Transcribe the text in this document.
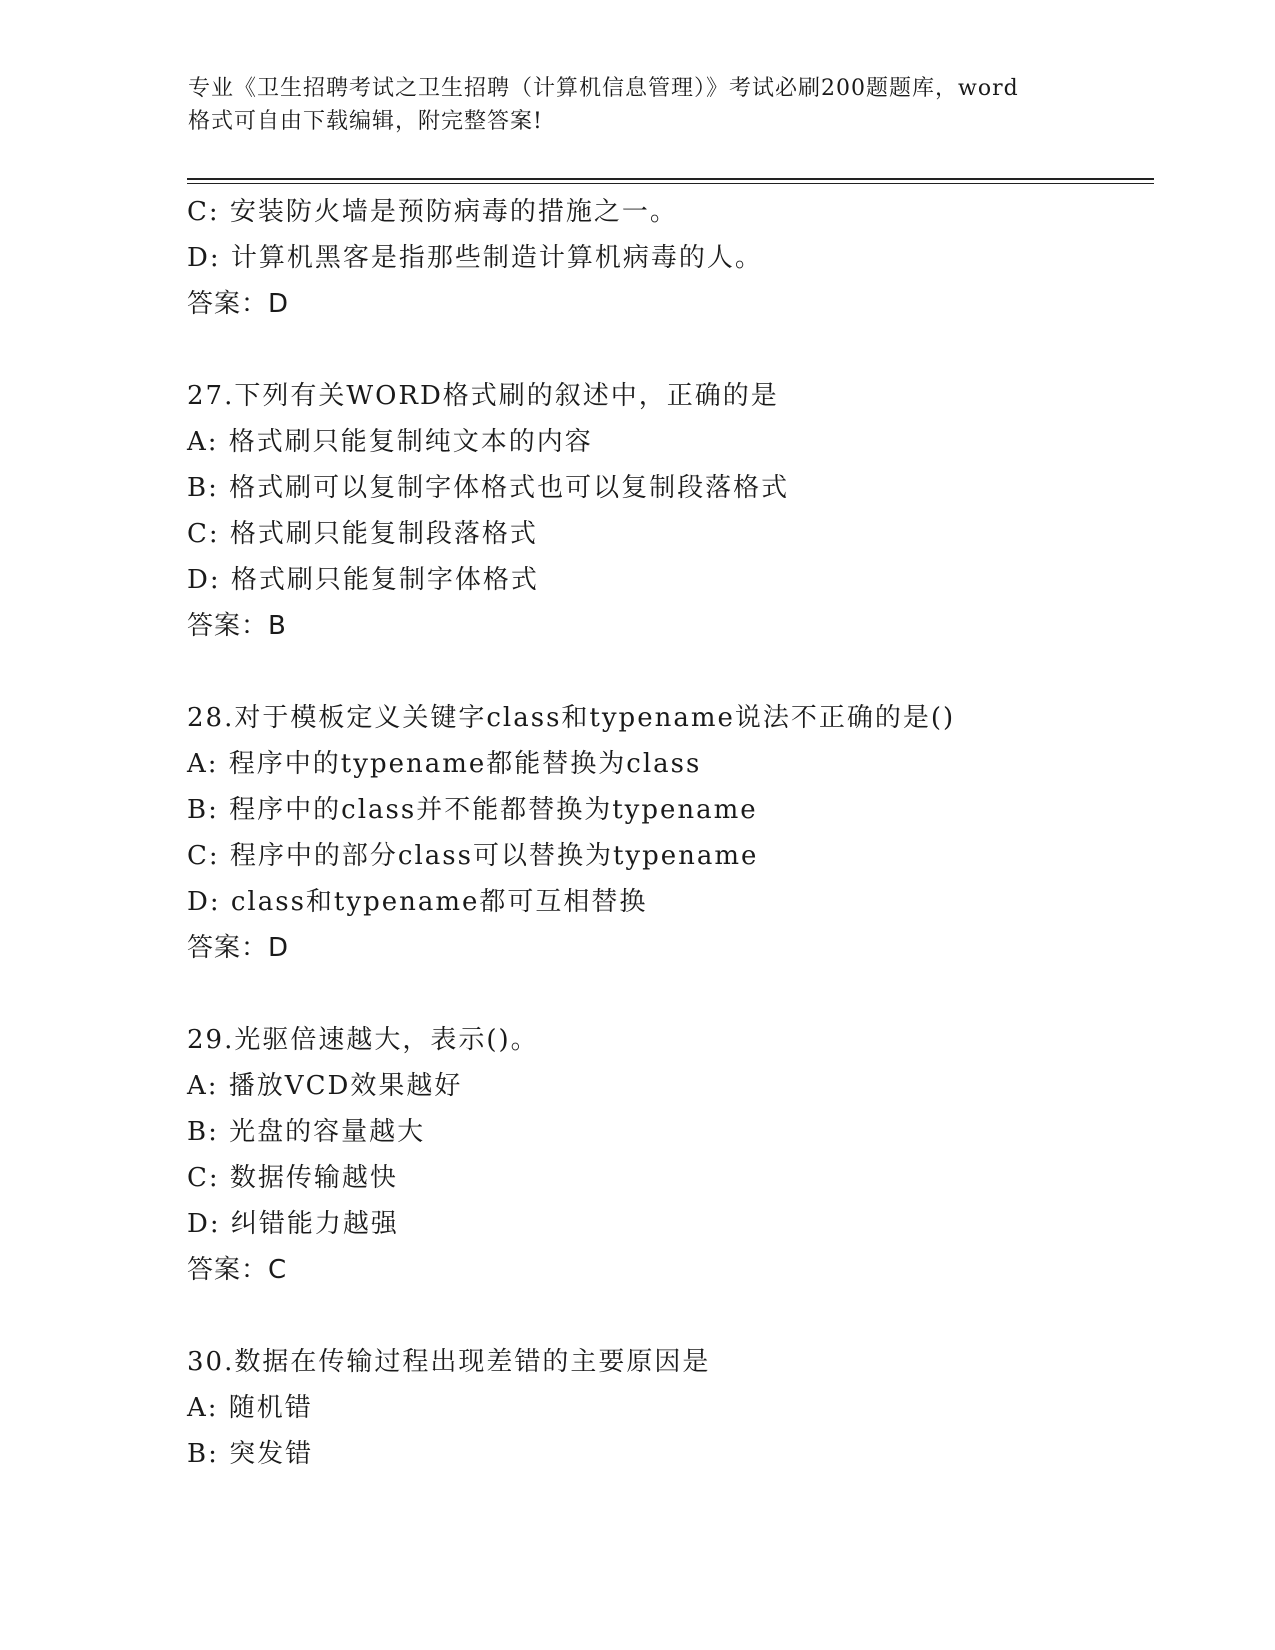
专业《卫生招聘考试之卫生招聘（计算机信息管理）》考试必刷200题题库，word
格式可自由下载编辑，附完整答案!
C: 安装防火墙是预防病毒的措施之一。
D: 计算机黑客是指那些制造计算机病毒的人。
答案：D
27.下列有关WORD格式刷的叙述中，正确的是
A: 格式刷只能复制纯文本的内容
B: 格式刷可以复制字体格式也可以复制段落格式
C: 格式刷只能复制段落格式
D: 格式刷只能复制字体格式
答案：B
28.对于模板定义关键字class和typename说法不正确的是()
A: 程序中的typename都能替换为class
B: 程序中的class并不能都替换为typename
C: 程序中的部分class可以替换为typename
D: class和typename都可互相替换
答案：D
29.光驱倍速越大，表示()。
A: 播放VCD效果越好
B: 光盘的容量越大
C: 数据传输越快
D: 纠错能力越强
答案：C
30.数据在传输过程出现差错的主要原因是
A: 随机错
B: 突发错
